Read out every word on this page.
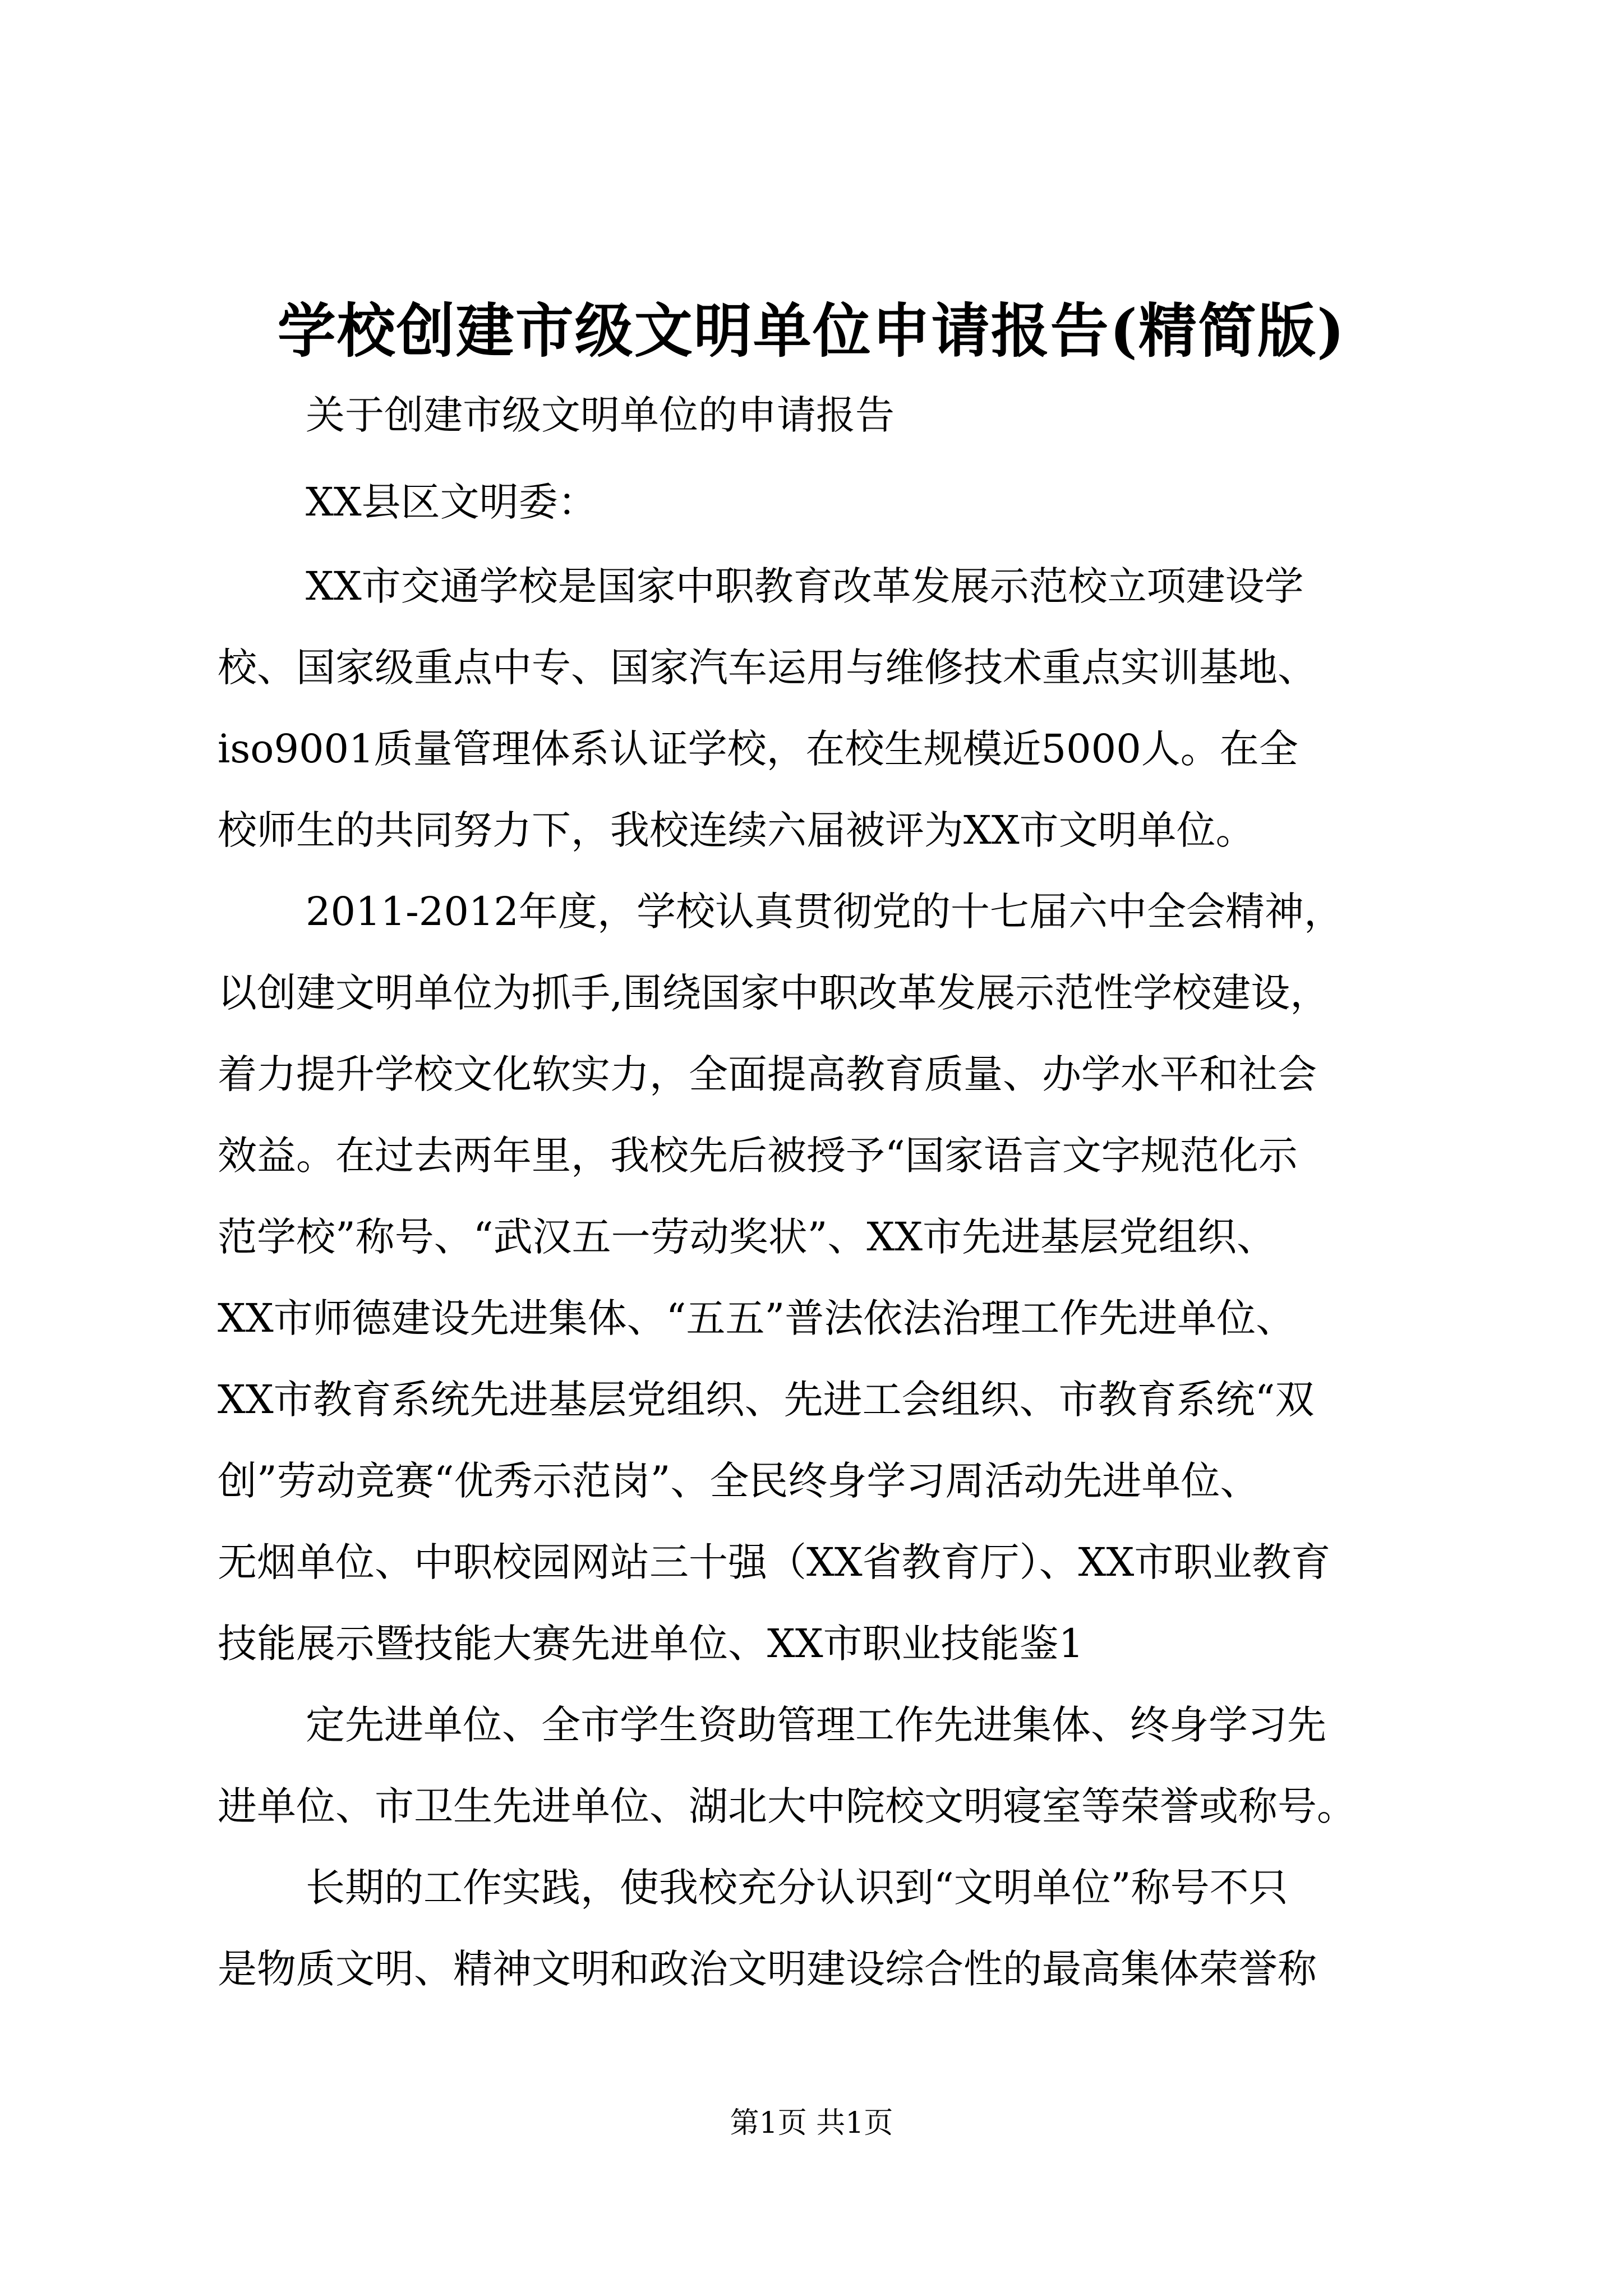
学校创建市级文明单位申请报告(精简版)
关于创建市级文明单位的申请报告
XX县区文明委：
XX市交通学校是国家中职教育改革发展示范校立项建设学
校、国家级重点中专、国家汽车运用与维修技术重点实训基地、
iso9001质量管理体系认证学校，在校生规模近5000人。在全
校师生的共同努力下，我校连续六届被评为XX市文明单位。
2011-2012年度，学校认真贯彻党的十七届六中全会精神，
以创建文明单位为抓手,围绕国家中职改革发展示范性学校建设，
着力提升学校文化软实力，全面提高教育质量、办学水平和社会
效益。在过去两年里，我校先后被授予“国家语言文字规范化示
范学校”称号、“武汉五一劳动奖状”、XX市先进基层党组织、
XX市师德建设先进集体、“五五”普法依法治理工作先进单位、
XX市教育系统先进基层党组织、先进工会组织、市教育系统“双
创”劳动竞赛“优秀示范岗”、全民终身学习周活动先进单位、
无烟单位、中职校园网站三十强（XX省教育厅）、XX市职业教育
技能展示暨技能大赛先进单位、XX市职业技能鉴1
定先进单位、全市学生资助管理工作先进集体、终身学习先
进单位、市卫生先进单位、湖北大中院校文明寝室等荣誉或称号。
长期的工作实践，使我校充分认识到“文明单位”称号不只
是物质文明、精神文明和政治文明建设综合性的最高集体荣誉称
第1页 共1页
